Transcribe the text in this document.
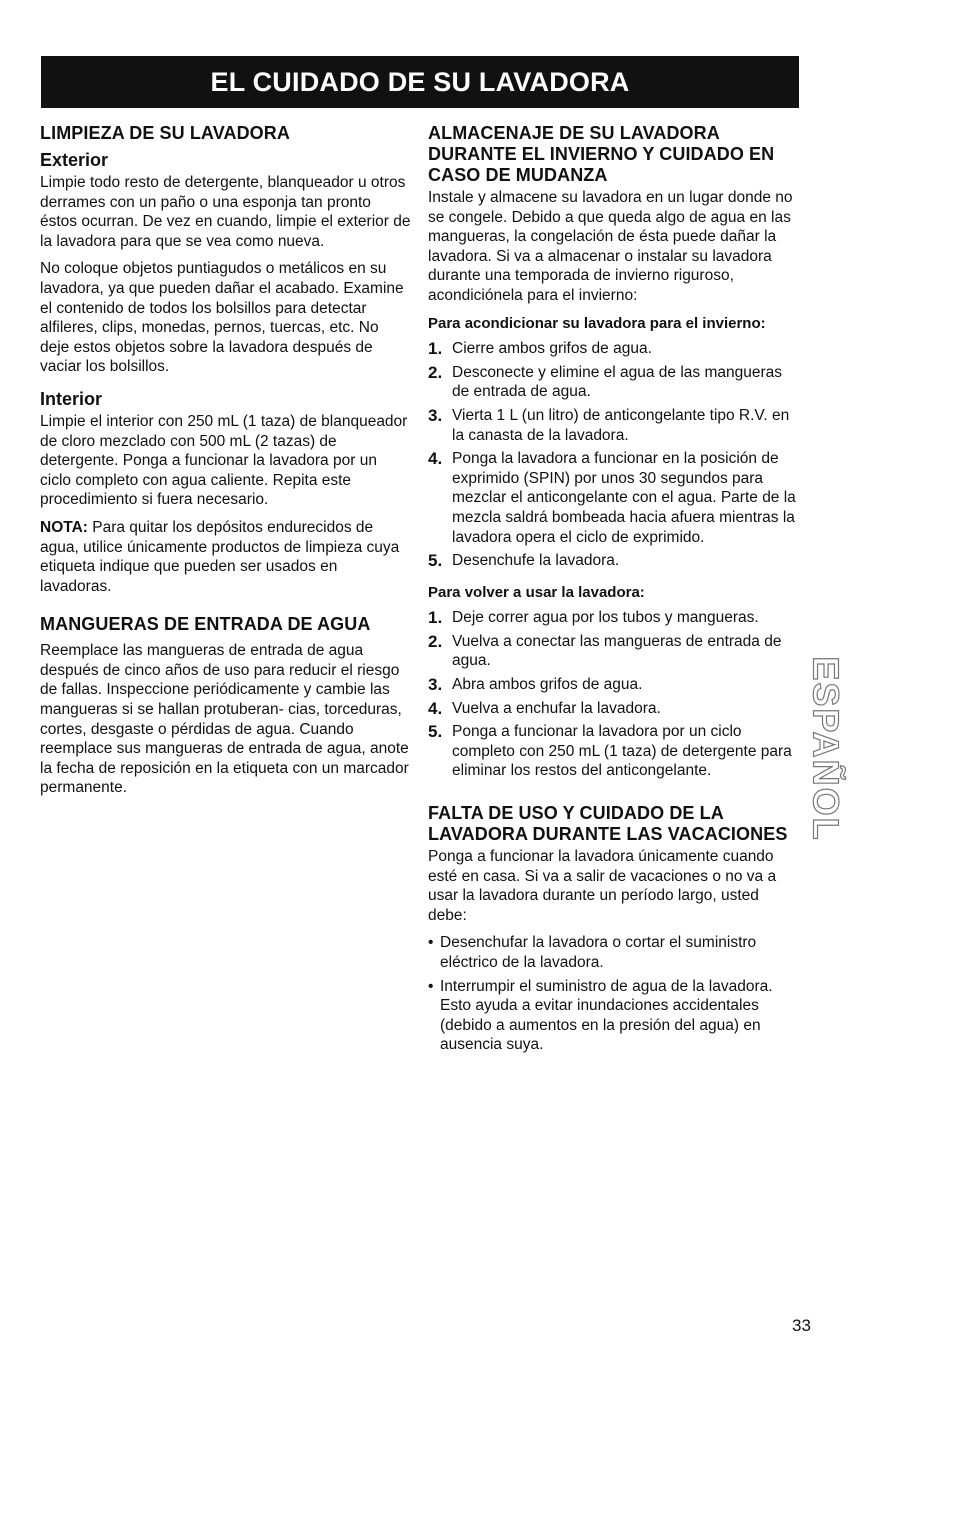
EL CUIDADO DE SU LAVADORA
LIMPIEZA DE SU LAVADORA
Exterior

Limpie todo resto de detergente, blanqueador u otros derrames con un paño o una esponja tan pronto éstos ocurran. De vez en cuando, limpie el exterior de la lavadora para que se vea como nueva.

No coloque objetos puntiagudos o metálicos en su lavadora, ya que pueden dañar el acabado. Examine el contenido de todos los bolsillos para detectar alfileres, clips, monedas, pernos, tuercas, etc. No deje estos objetos sobre la lavadora después de vaciar los bolsillos.

Interior

Limpie el interior con 250 mL (1 taza) de blanqueador de cloro mezclado con 500 mL (2 tazas) de detergente. Ponga a funcionar la lavadora por un ciclo completo con agua caliente. Repita este procedimiento si fuera necesario.

NOTA: Para quitar los depósitos endurecidos de agua, utilice únicamente productos de limpieza cuya etiqueta indique que pueden ser usados en lavadoras.

MANGUERAS DE ENTRADA DE AGUA

Reemplace las mangueras de entrada de agua después de cinco años de uso para reducir el riesgo de fallas. Inspeccione periódicamente y cambie las mangueras si se hallan protuberan- cias, torceduras, cortes, desgaste o pérdidas de agua. Cuando reemplace sus mangueras de entrada de agua, anote la fecha de reposición en la etiqueta con un marcador permanente.

ALMACENAJE DE SU LAVADORA DURANTE EL INVIERNO Y CUIDADO EN CASO DE MUDANZA

Instale y almacene su lavadora en un lugar donde no se congele. Debido a que queda algo de agua en las mangueras, la congelación de ésta puede dañar la lavadora. Si va a almacenar o instalar su lavadora durante una temporada de invierno riguroso, acondiciónela para el invierno:

Para acondicionar su lavadora para el invierno:
1. Cierre ambos grifos de agua.
2. Desconecte y elimine el agua de las mangueras de entrada de agua.
3. Vierta 1 L (un litro) de anticongelante tipo R.V. en la canasta de la lavadora.
4. Ponga la lavadora a funcionar en la posición de exprimido (SPIN) por unos 30 segundos para mezclar el anticongelante con el agua. Parte de la mezcla saldrá bombeada hacia afuera mientras la lavadora opera el ciclo de exprimido.
5. Desenchufe la lavadora.
Para volver a usar la lavadora:
1. Deje correr agua por los tubos y mangueras.
2. Vuelva a conectar las mangueras de entrada de agua.
3. Abra ambos grifos de agua.
4. Vuelva a enchufar la lavadora.
5. Ponga a funcionar la lavadora por un ciclo completo con 250 mL (1 taza) de detergente para eliminar los restos del anticongelante.
FALTA DE USO Y CUIDADO DE LA LAVADORA DURANTE LAS VACACIONES

Ponga a funcionar la lavadora únicamente cuando esté en casa. Si va a salir de vacaciones o no va a usar la lavadora durante un período largo, usted debe:

• Desenchufar la lavadora o cortar el suministro eléctrico de la lavadora.
• Interrumpir el suministro de agua de la lavadora. Esto ayuda a evitar inundaciones accidentales (debido a aumentos en la presión del agua) en ausencia suya.
ESPAÑOL
33
